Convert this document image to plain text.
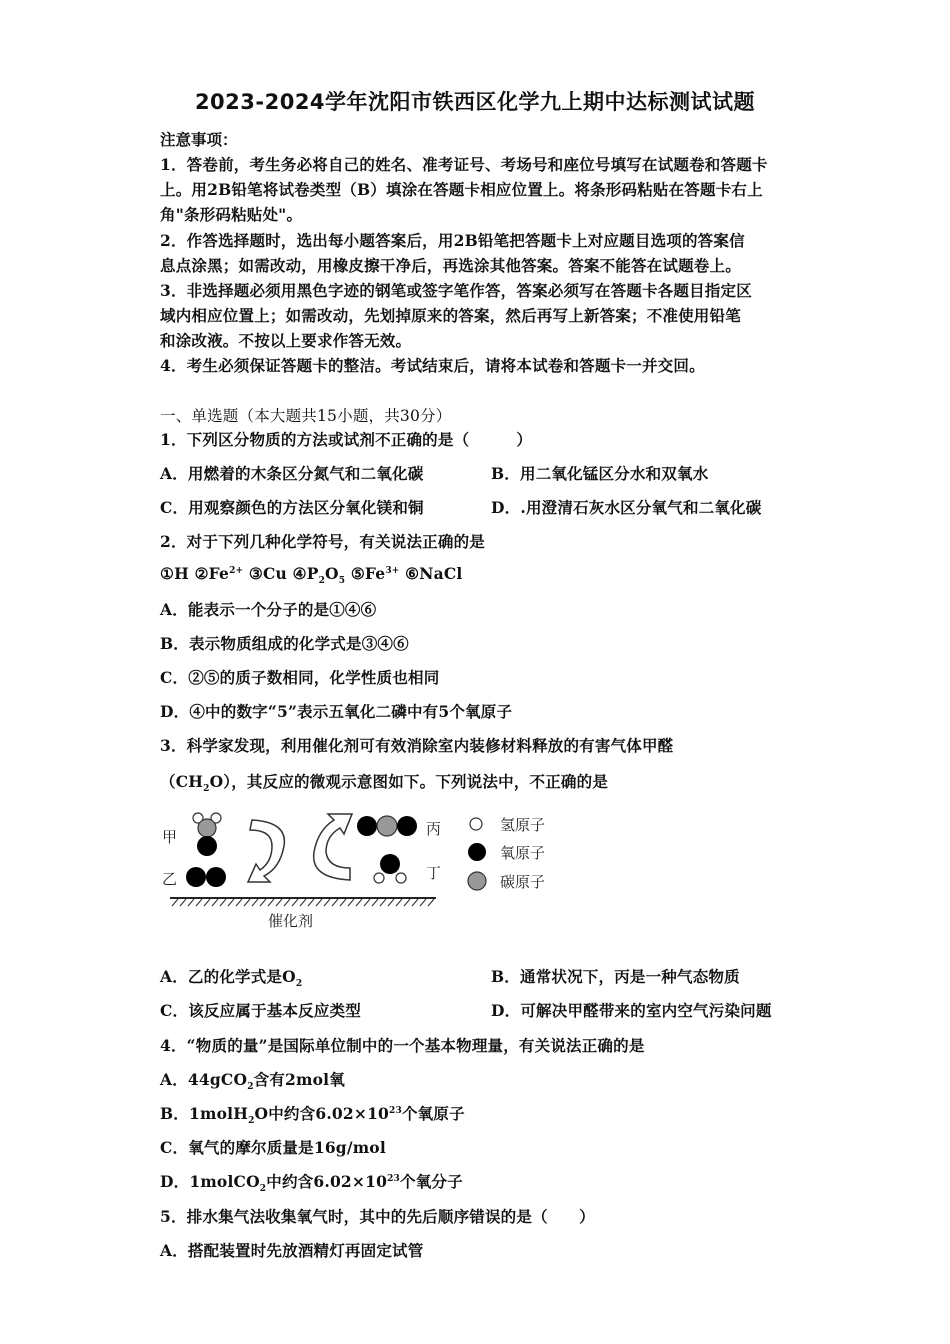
2023-2024学年沈阳市铁西区化学九上期中达标测试试题
注意事项：
1．答卷前，考生务必将自己的姓名、准考证号、考场号和座位号填写在试题卷和答题卡
上。用2B铅笔将试卷类型（B）填涂在答题卡相应位置上。将条形码粘贴在答题卡右上
角"条形码粘贴处"。
2．作答选择题时，选出每小题答案后，用2B铅笔把答题卡上对应题目选项的答案信
息点涂黑；如需改动，用橡皮擦干净后，再选涂其他答案。答案不能答在试题卷上。
3．非选择题必须用黑色字迹的钢笔或签字笔作答，答案必须写在答题卡各题目指定区
域内相应位置上；如需改动，先划掉原来的答案，然后再写上新答案；不准使用铅笔
和涂改液。不按以上要求作答无效。
4．考生必须保证答题卡的整洁。考试结束后，请将本试卷和答题卡一并交回。
一、单选题（本大题共15小题，共30分）
1．下列区分物质的方法或试剂不正确的是（　　　）
A．用燃着的木条区分氮气和二氧化碳	B．用二氧化锰区分水和双氧水
C．用观察颜色的方法区分氧化镁和铜	D．.用澄清石灰水区分氧气和二氧化碳
2．对于下列几种化学符号，有关说法正确的是
①H $②Fe^{2+}$ ③Cu $④P_2O_5$ $⑤Fe^{3+}$ ⑥NaCl
A．能表示一个分子的是①④⑥
B．表示物质组成的化学式是③④⑥
C．②⑤的质子数相同，化学性质也相同
D．④中的数字“5”表示五氧化二磷中有5个氧原子
3．科学家发现，利用催化剂可有效消除室内装修材料释放的有害气体甲醛
$(CH_2O)$，其反应的微观示意图如下。下列说法中，不正确的是
甲
乙
丙
丁
催化剂
氢原子
氧原子
碳原子
A．乙的化学式是$O_2$	B．通常状况下，丙是一种气态物质
C．该反应属于基本反应类型	D．可解决甲醛带来的室内空气污染问题
4．“物质的量”是国际单位制中的一个基本物理量，有关说法正确的是
A．44gCO$_2$含有2mol氧
B．1molH$_2$O中约含$6.02\times 10^{23}$个氧原子
C．氧气的摩尔质量是16g/mol
D．1molCO$_2$中约含$6.02\times 10^{23}$个氧分子
5．排水集气法收集氧气时，其中的先后顺序错误的是（　　）
A．搭配装置时先放酒精灯再固定试管
